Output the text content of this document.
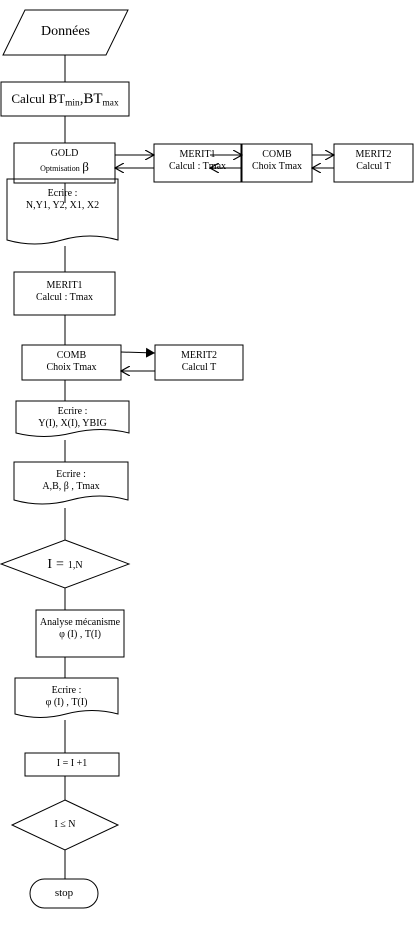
Données
Calcul $BT_{min},BT_{max}$
GOLD
Optmisation β
MERIT1
Calcul : Tmax
COMB
Choix Tmax
MERIT2
Calcul T
Ecrire :
N,Y1, Y2, X1, X2
MERIT1
Calcul : Tmax
COMB
Choix Tmax
MERIT2
Calcul T
Ecrire :
Y(I), X(I), YBIG
Ecrire :
A,B, β , Tmax
I = 1,N
Analyse mécanisme
φ (I) , T(I)
Ecrire :
φ (I) , T(I)
I = I +1
I ≤ N
stop
